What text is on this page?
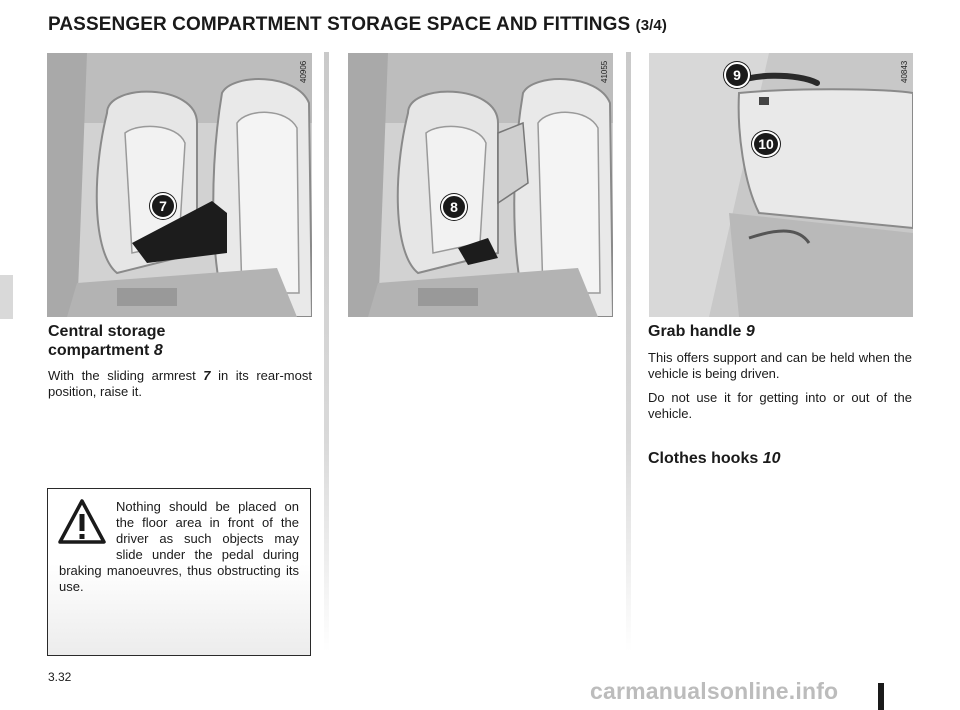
PASSENGER COMPARTMENT STORAGE SPACE AND FITTINGS (3/4)
40906
7
41055
8
40843
9
10
Central storage
compartment 8

With the sliding armrest 7 in its rear-most position, raise it.

Nothing should be placed on the floor area in front of the driver as such objects may slide under the pedal during braking manoeuvres, thus obstructing its use.

Grab handle 9

This offers support and can be held when the vehicle is being driven.

Do not use it for getting into or out of the vehicle.

Clothes hooks 10

3.32

carmanualsonline.info
